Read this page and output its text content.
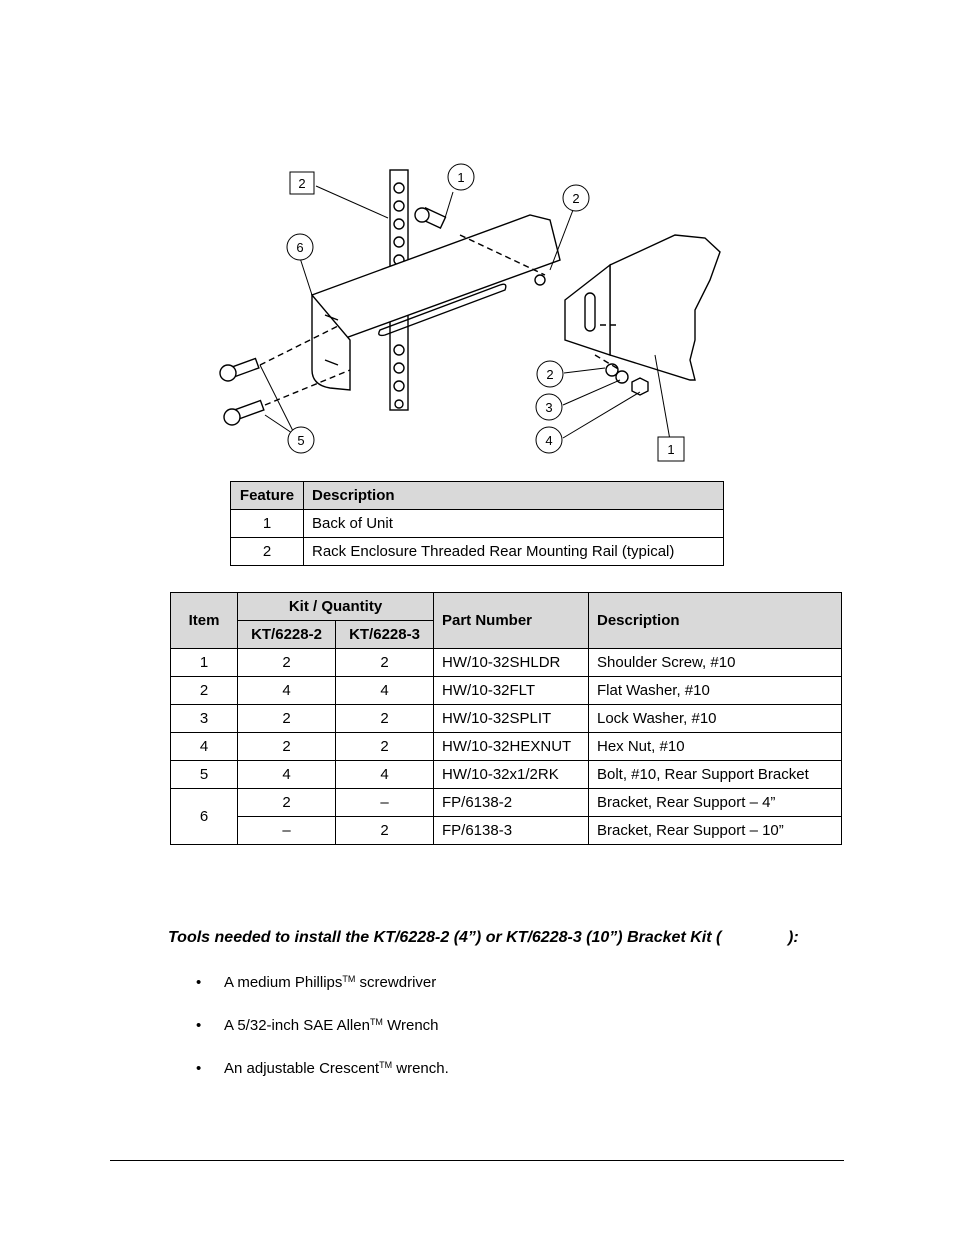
2	1
2
6
2
3
4
5
1
Feature	Description
1	Back of Unit
2	Rack Enclosure Threaded Rear Mounting Rail (typical)
Item	Kit / Quantity		Part Number	Description
	KT/6228-2	KT/6228-3		
1	2	2	HW/10-32SHLDR	Shoulder Screw, #10
2	4	4	HW/10-32FLT	Flat Washer, #10
3	2	2	HW/10-32SPLIT	Lock Washer, #10
4	2	2	HW/10-32HEXNUT	Hex Nut, #10
5	4	4	HW/10-32x1/2RK	Bolt, #10, Rear Support Bracket
6	2	–	FP/6138-2	Bracket, Rear Support – 4”
	–	2	FP/6138-3	Bracket, Rear Support – 10”
Tools needed to install the KT/6228-2 (4”) or KT/6228-3 (10”) Bracket Kit (               ):
• A medium Phillips™ screwdriver
• A 5/32-inch SAE Allen™ Wrench
• An adjustable Crescent™ wrench.
